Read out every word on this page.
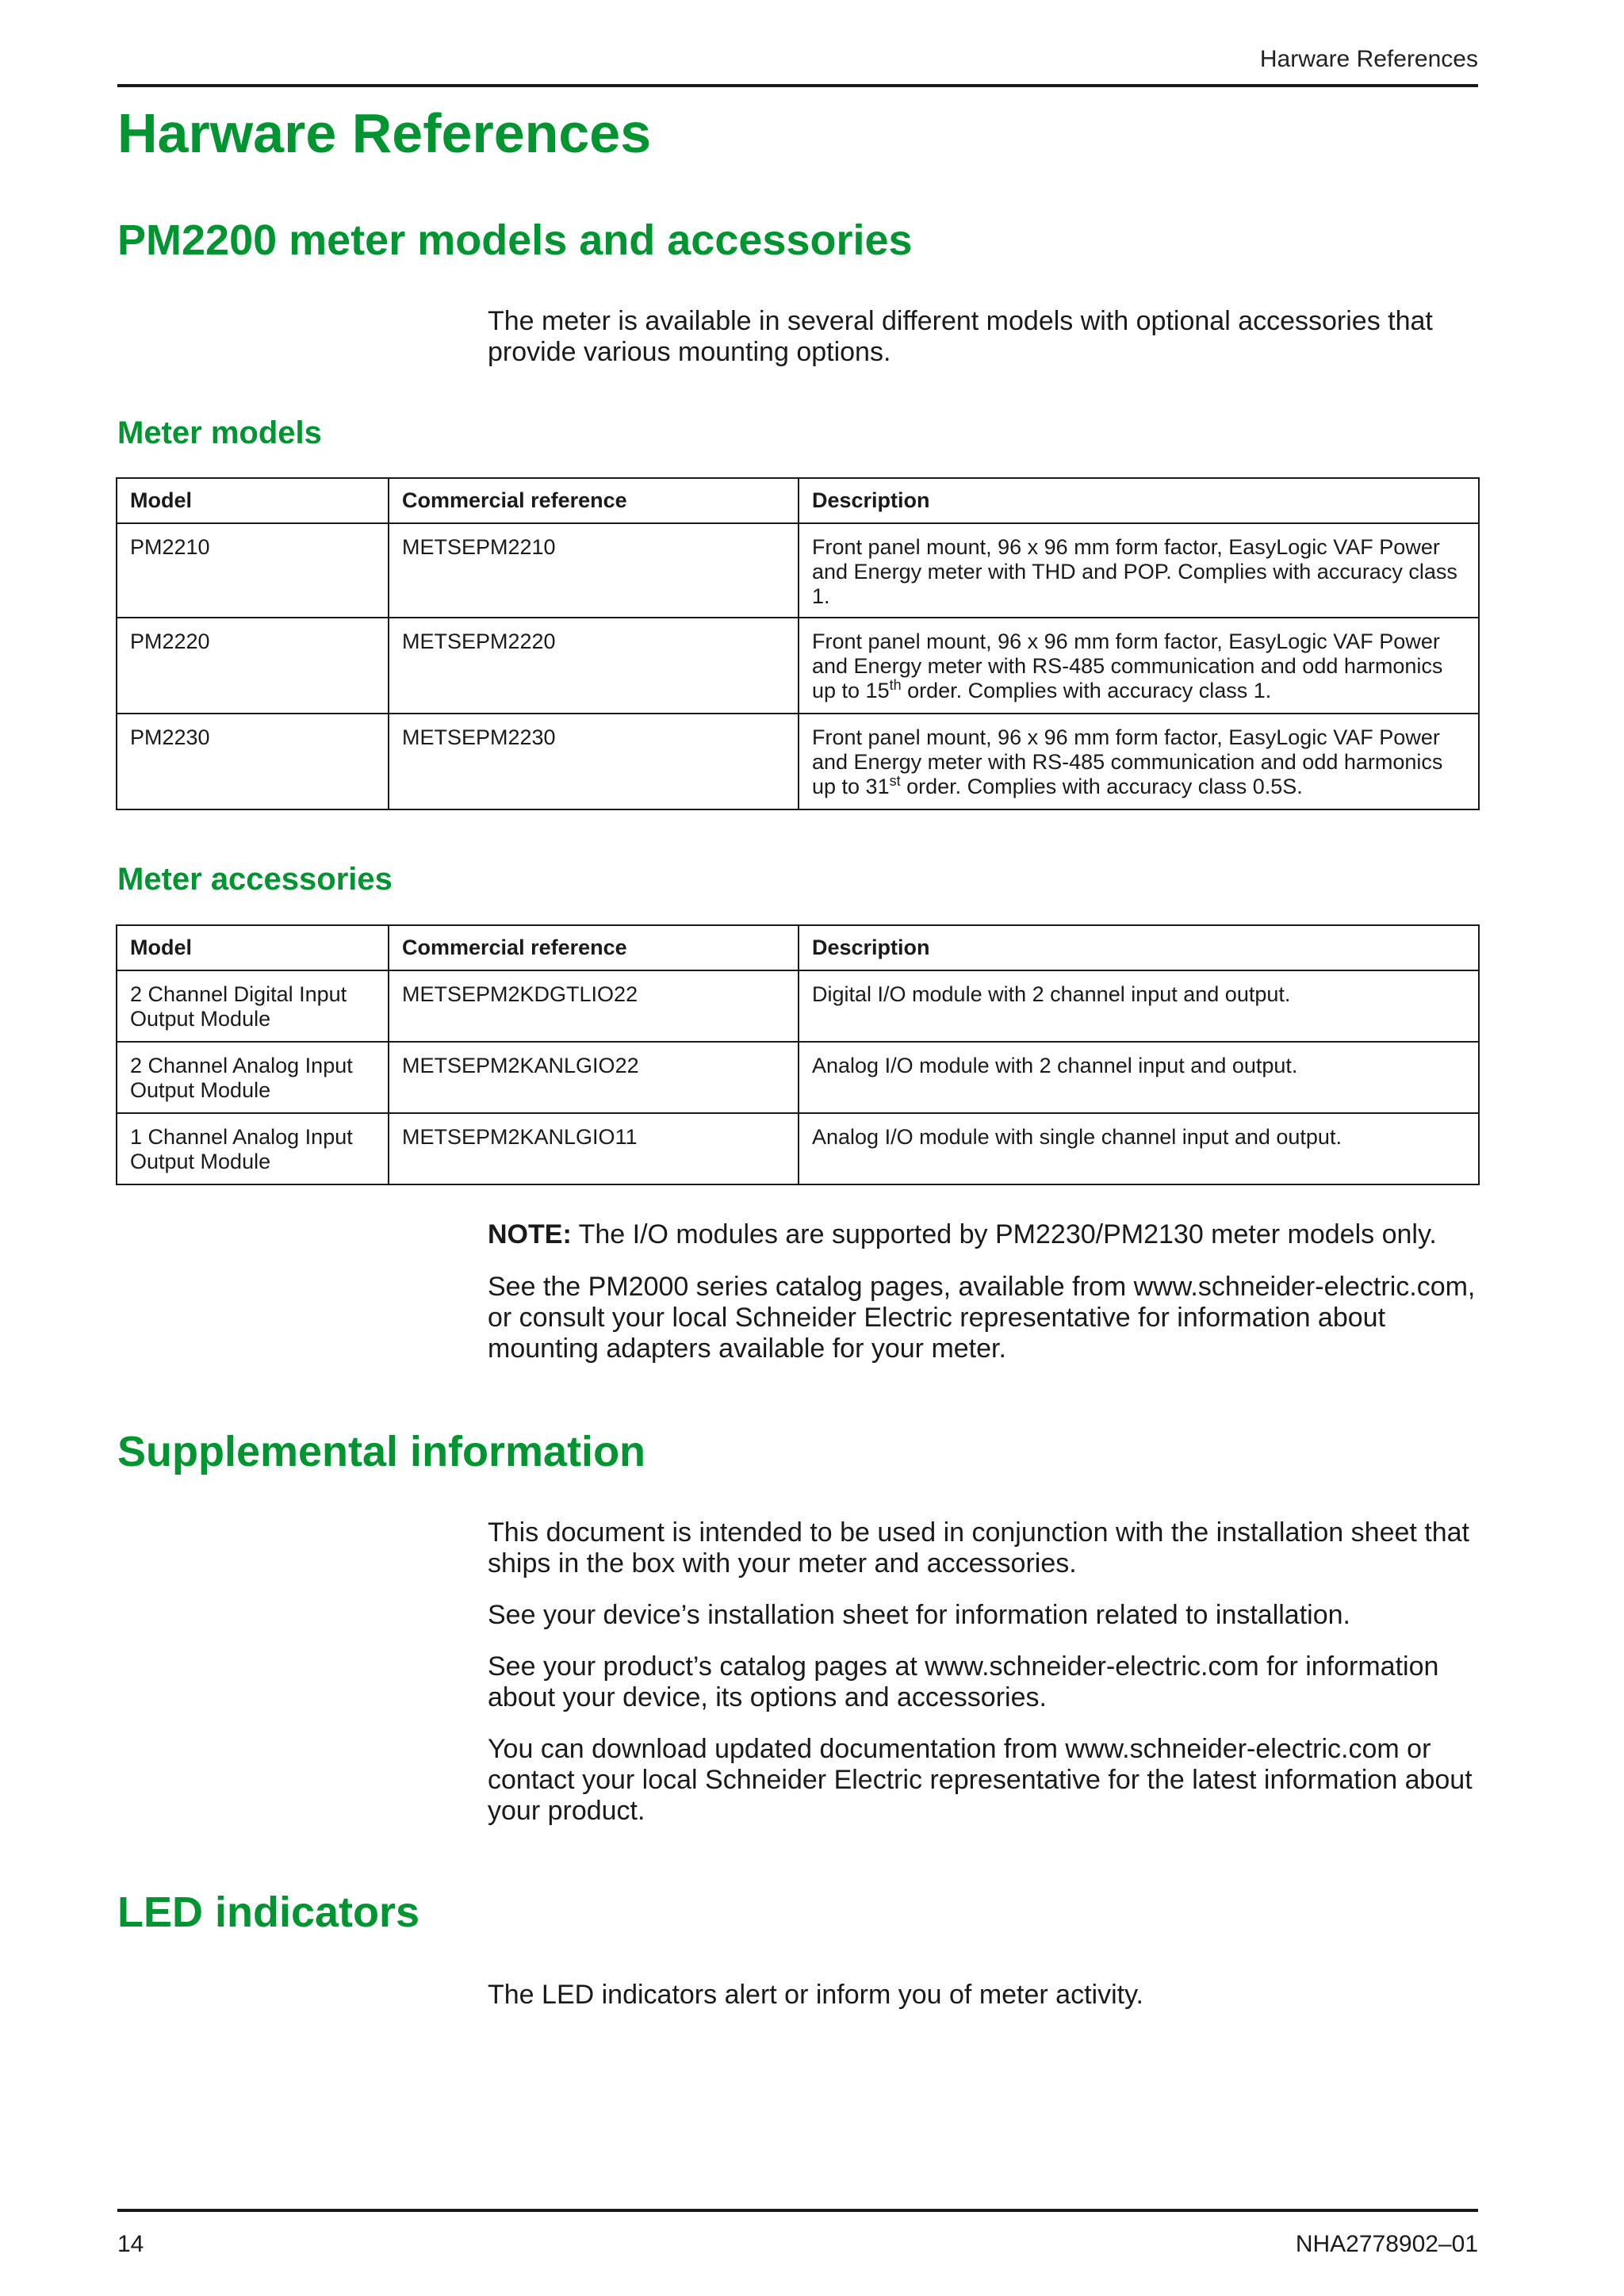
Harware References
Harware References
PM2200 meter models and accessories

The meter is available in several different models with optional accessories that provide various mounting options.

Meter models
Model	Commercial reference	Description
PM2210	METSEPM2210	Front panel mount, 96 x 96 mm form factor, EasyLogic VAF Power and Energy meter with THD and POP. Complies with accuracy class 1.
PM2220	METSEPM2220	Front panel mount, 96 x 96 mm form factor, EasyLogic VAF Power and Energy meter with RS-485 communication and odd harmonics up to 15th order. Complies with accuracy class 1.
PM2230	METSEPM2230	Front panel mount, 96 x 96 mm form factor, EasyLogic VAF Power and Energy meter with RS-485 communication and odd harmonics up to 31st order. Complies with accuracy class 0.5S.
Meter accessories
Model	Commercial reference	Description
2 Channel Digital Input Output Module	METSEPM2KDGTLIO22	Digital I/O module with 2 channel input and output.
2 Channel Analog Input Output Module	METSEPM2KANLGIO22	Analog I/O module with 2 channel input and output.
1 Channel Analog Input Output Module	METSEPM2KANLGIO11	Analog I/O module with single channel input and output.

NOTE: The I/O modules are supported by PM2230/PM2130 meter models only.

See the PM2000 series catalog pages, available from www.schneider-electric.com, or consult your local Schneider Electric representative for information about mounting adapters available for your meter.

Supplemental information

This document is intended to be used in conjunction with the installation sheet that ships in the box with your meter and accessories.

See your device’s installation sheet for information related to installation.

See your product’s catalog pages at www.schneider-electric.com for information about your device, its options and accessories.

You can download updated documentation from www.schneider-electric.com or contact your local Schneider Electric representative for the latest information about your product.

LED indicators

The LED indicators alert or inform you of meter activity.

14	NHA2778902–01
